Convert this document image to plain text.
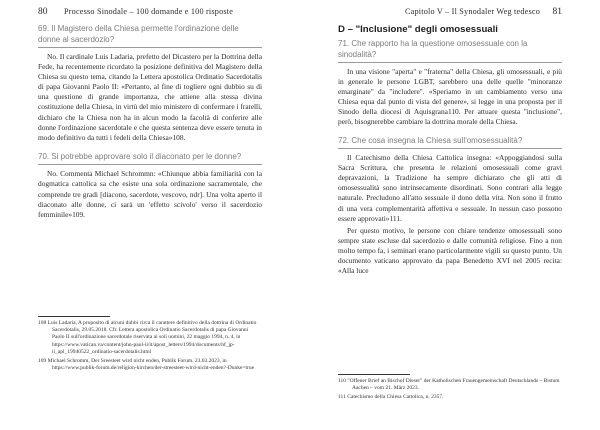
80 Processo Sinodale – 100 domande e 100 risposte
69. Il Magistero della Chiesa permette l'ordinazione delle donne al sacerdozio?

No. Il cardinale Luis Ladaria, prefetto del Dicastero per la Dottrina della Fede, ha recentemente ricordato la posizione definitiva del Magistero della Chiesa su questo tema, citando la Lettera apostolica Ordinatio Sacerdotalis di papa Giovanni Paolo II: «Pertanto, al fine di togliere ogni dubbio su di una questione di grande importanza, che attiene alla stessa divina costituzione della Chiesa, in virtù del mio ministero di confermare i fratelli, dichiaro che la Chiesa non ha in alcun modo la facoltà di conferire alle donne l'ordinazione sacerdotale e che questa sentenza deve essere tenuta in modo definitivo da tutti i fedeli della Chiesa»108.

70. Si potrebbe approvare solo il diaconato per le donne?

No. Commenta Michael Schrommn: «Chiunque abbia familiarità con la dogmatica cattolica sa che esiste una sola ordinazione sacramentale, che comprende tre gradi [diacono, sacerdote, vescovo, ndr]. Una volta aperto il diaconato alle donne, ci sarà un 'effetto scivolo' verso il sacerdozio femminile»109.

108 Luis Ladaria, A proposito di alcuni dubbi circa il carattere definitivo della dottrina di Ordinatio Sacerdotalis, 29.05.2018. Cfr. Lettera apostolica Ordinatio Sacerdotalis di papa Giovanni Paolo II sull'ordinazione sacerdotale riservata ai soli uomini, 22 maggio 1994, n. 4, in https://www.vatican.va/content/john-paul-ii/it/apost_letters/1994/documents/hf_jp-ii_apl_19940522_ordinatio-sacerdotalis.html
109 Michael Schromm, Der Sreesteet wird nicht enden, Publik Forum. 23.03.2023, in https://www.publik-forum.de/religion-kirchen/der-streesteet-wird-nicht-enden?-Dunke=true
Capitolo V – Il Synodaler Weg tedesco 81
D – "Inclusione" degli omosessuali
71. Che rapporto ha la questione omosessuale con la sinodalità?

In una visione "aperta" e "fraterna" della Chiesa, gli omosessuali, e più in generale le persone LGBT, sarebbero una delle quelle "minoranze emarginate" da "includere". «Speriamo in un cambiamento verso una Chiesa equa dal punto di vista del genere», si legge in una proposta per il Sinodo della diocesi di Aquisgrana110. Per attuare questa "inclusione", però, bisognerebbe cambiare la dottrina morale della Chiesa.

72. Che cosa insegna la Chiesa sull'omosessualità?

Il Catechismo della Chiesa Cattolica insegna: «Appoggiandosi sulla Sacra Scrittura, che presenta le relazioni omosessuali come gravi depravazioni, la Tradizione ha sempre dichiarato che gli atti di omosessualità sono intrinsecamente disordinati. Sono contrari alla legge naturale. Precludono all'atto sessuale il dono della vita. Non sono il frutto di una vera complementarità affettiva e sessuale. In nessun caso possono essere approvati»111.

Per questo motivo, le persone con chiare tendenze omosessuali sono sempre state escluse dal sacerdozio e dalle comunità religiose. Fino a non molto tempo fa, i seminari erano particolarmente vigili su questo punto. Un documento vaticano approvato da papa Benedetto XVI nel 2005 recita: «Alla luce

110 "Offener Brief an Bischof Dieser" der Katholischen Frauengemeinschaft Deutschlands – Bistum Aachen – vom 21. März 2023.
111 Catechismo della Chiesa Cattolica, n. 2357.
